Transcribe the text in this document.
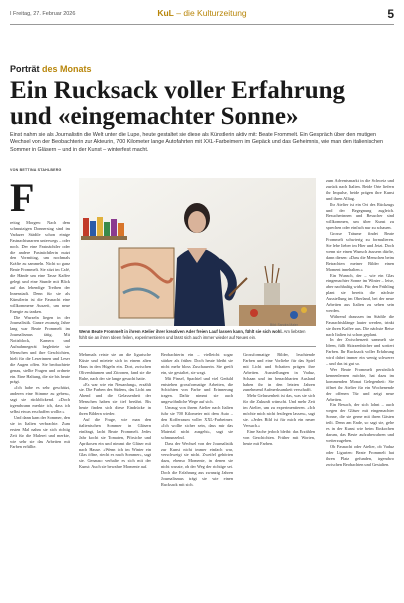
I Freitag, 27. Februar 2026	KuL – die Kulturzeitung	5
Porträt des Monats
Ein Rucksack voller Erfahrung
und «eingemachter Sonne»
Einst nahm sie als Journalistin die Welt unter die Lupe, heute gestaltet sie diese als Künstlerin aktiv mit: Beate Frommelt. Ein Gespräch über den mutigen Wechsel von der Beobachterin zur Akteurin, 700 Kilometer lange Autofahrten mit XXL-Farbeimern im Gepäck und das Geheimnis, wie man den italienischen Sommer in Gläsern – und in der Kunst – winterfest macht.
VON BETTINA STAHLBERG
F

reitag Morgen: Nach dem schmutzigen Donnerstag sind im Vaduzer Städtle schon einige Fastnachtsnarren unterwegs – oder noch. Der eine Fastnächtler oder die andere Fastnächtlerin nutzt den Vormittag, um nochmals Kräfte zu sammeln. Nicht so ganz Beate Frommelt. Sie sitzt im Café, die Hände um eine Tasse Kaffee gelegt und eine Stunde mit Blick auf das lebendige Treiben der Innenstadt. Denn für sie als Künstlerin ist die Fasnacht eine willkommene Auszeit, um neue Energie zu tanken.

Die Wurzeln liegen in der Journalistik. Ganze zwanzig Jahre lang war Beate Frommelt im Journalismus tätig. Mit Notizblock, Kamera und Aufnahmegerät begleitete sie Menschen und ihre Geschichten, hielt für die Leserinnen und Leser die Augen offen. Sie beobachtete genau, stellte Fragen und ordnete ein. Eine Haltung, die sie bis heute prägt.

«Ich habe es sehr geschätzt, anderen eine Stimme zu geben», sagt sie rückblickend. «Doch irgendwann merkte ich, dass ich selbst etwas erschaffen wollte.»

Und dann kam der Sommer, den sie in Italien verbrachte. Zum ersten Mal nahm sie sich richtig Zeit für die Malerei und merkte, wie sehr sie das Arbeiten mit Farben erfüllte.

Mehrmals reiste sie an die ligurische Küste und mietete sich in einem alten Haus in den Hügeln ein. Dort, zwischen Olivenbäumen und Zitronen, fand sie die Ruhe, nach der sie lange gesucht hatte.

«Es war wie ein Neuanfang», erzählt sie. Die Farben des Südens, das Licht am Abend und die Gelassenheit der Menschen haben sie tief berührt. Bis heute finden sich diese Eindrücke in ihren Bildern wieder.

Auf die Frage, wie man den italienischen Sommer in Gläsern einfängt, lacht Beate Frommelt. Jedes Jahr kocht sie Tomaten, Pfirsiche und Aprikosen ein und nimmt die Gläser mit nach Hause. «Wenn ich im Winter ein Glas öffne, riecht es nach Sommer», sagt sie. Genauso verhalte es sich mit der Kunst: Auch sie bewahre Momente auf.

Beobachterin ein – vielleicht sogar stärker als früher. Doch heute bleibt sie nicht mehr bloss Zuschauerin. Sie greift ein, sie gestaltet, sie wagt.

Mit Pinsel, Spachtel und viel Geduld entstehen grossformatige Arbeiten, die Schichten von Farbe und Erinnerung tragen. Dafür nimmt sie auch ungewöhnliche Wege auf sich.

Umzug von ihrem Atelier nach Italien fuhr sie 700 Kilometer mit dem Auto – den Kofferraum voller XXL-Farbeimer. «Ich wollte sicher sein, dass mir das Material nicht ausgeht», sagt sie schmunzelnd.

Dass der Wechsel von der Journalistik zur Kunst nicht immer einfach war, verschweigt sie nicht. Zweifel gehörten dazu, ebenso Momente, in denen sie nicht wusste, ob der Weg der richtige sei. Doch die Erfahrung aus zwanzig Jahren Journalismus trägt sie wie einen Rucksack mit sich.

Grossformatige Bilder, leuchtende Farben und eine Vorliebe für das Spiel mit Licht und Schatten prägen ihre Arbeiten. Ausstellungen in Vaduz, Schaan und im benachbarten Ausland haben ihr in den letzten Jahren zunehmend Aufmerksamkeit verschafft.

Mehr Gelassenheit ist das, was sie sich für die Zukunft wünscht. Und mehr Zeit im Atelier, um zu experimentieren. «Ich möchte mich nicht festlegen lassen», sagt sie. «Jedes Bild ist für mich ein neuer Versuch.»

Eine Sache jedoch bleibt: das Erzählen von Geschichten. Früher mit Worten, heute mit Farben.

zum Adventsmarkt in die Schweiz und zurück nach Italien. Beide Orte liefern ihr Impulse, beide prägen ihre Kunst und ihren Alltag.

Ihr Atelier ist ein Ort des Rückzugs und der Begegnung zugleich. Besucherinnen und Besucher sind willkommen, um über Kunst zu sprechen oder einfach nur zu schauen.

Grosse Träume findet Beate Frommelt schwierig zu formulieren. Sie lebe lieber im Hier und Jetzt. Doch wenn sie einen Wunsch äussern dürfte, dann diesen: «Dass die Menschen beim Betrachten meiner Bilder einen Moment innehalten.»

Ein Wunsch, der – wie ein Glas eingemachter Sonne im Winter – leise, aber nachhaltig wirkt. Für den Frühling plant sie bereits die nächste Ausstellung im Oberland, bei der neue Arbeiten aus Italien zu sehen sein werden.

Während draussen im Städtle die Fasnachtsklänge lauter werden, trinkt sie ihren Kaffee aus. Die nächste Reise nach Italien ist schon geplant.

In der Zwischenzeit sammelt sie Ideen, füllt Skizzenbücher und sortiert Farben. Ihr Rucksack voller Erfahrung wird dabei immer ein wenig schwerer – und das ist gut so.

Wer Beate Frommelt persönlich kennenlernen möchte, hat dazu im kommenden Monat Gelegenheit: Sie öffnet ihr Atelier für ein Wochenende der offenen Tür und zeigt neue Arbeiten.

Ein Besuch, der sich lohnt – auch wegen der Gläser mit eingemachter Sonne, die sie gerne mit ihren Gästen teilt. Denn am Ende, so sagt sie, gehe es in der Kunst wie beim Einkochen darum, das Beste aufzubewahren und weiterzugeben.

Ob Fasnacht oder Atelier, ob Vaduz oder Ligurien: Beate Frommelt hat ihren Platz gefunden, irgendwo zwischen Beobachten und Gestalten.

Bild: Sandra Maier
Wenn Beate Frommelt in ihrem Atelier ihrer kreativen Ader freien Lauf lassen kann, fühlt sie sich wohl. Am liebsten
fühlt sie an ihren Ideen feilen, experimentieren und lässt sich auch immer wieder auf Neues ein.
